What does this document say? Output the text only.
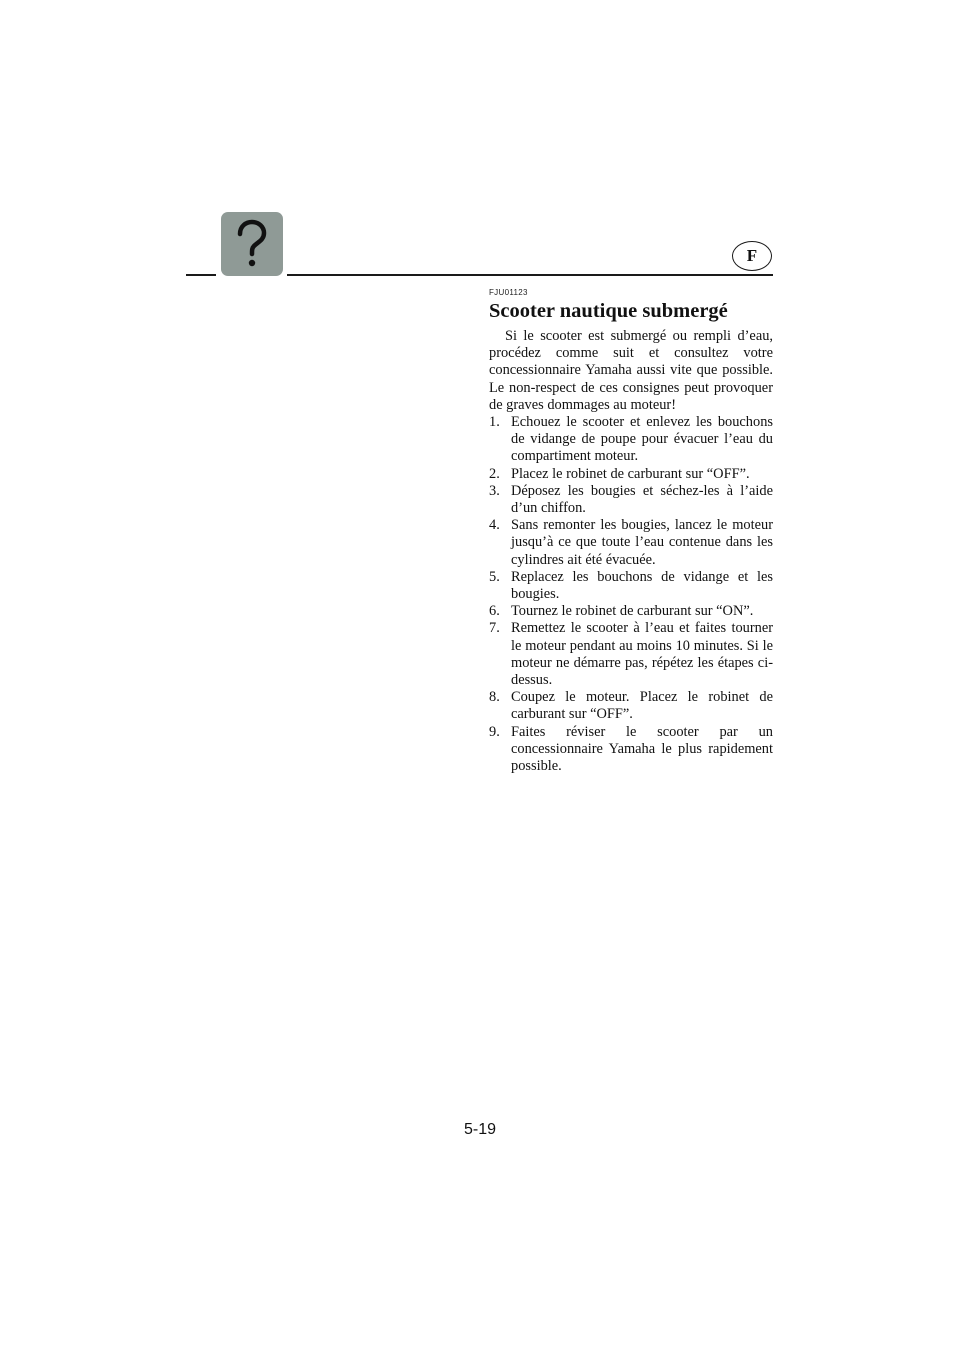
F
FJU01123
Scooter nautique submergé

Si le scooter est submergé ou rempli d’eau, procédez comme suit et consultez votre concessionnaire Yamaha aussi vite que possible. Le non-respect de ces consignes peut provoquer de graves dommages au moteur!

1. Echouez le scooter et enlevez les bouchons de vidange de poupe pour évacuer l’eau du compartiment moteur.
2. Placez le robinet de carburant sur “OFF”.
3. Déposez les bougies et séchez-les à l’aide d’un chiffon.
4. Sans remonter les bougies, lancez le moteur jusqu’à ce que toute l’eau contenue dans les cylindres ait été évacuée.
5. Replacez les bouchons de vidange et les bougies.
6. Tournez le robinet de carburant sur “ON”.
7. Remettez le scooter à l’eau et faites tourner le moteur pendant au moins 10 minutes. Si le moteur ne démarre pas, répétez les étapes ci-dessus.
8. Coupez le moteur. Placez le robinet de carburant sur “OFF”.
9. Faites réviser le scooter par un concessionnaire Yamaha le plus rapidement possible.
5-19
